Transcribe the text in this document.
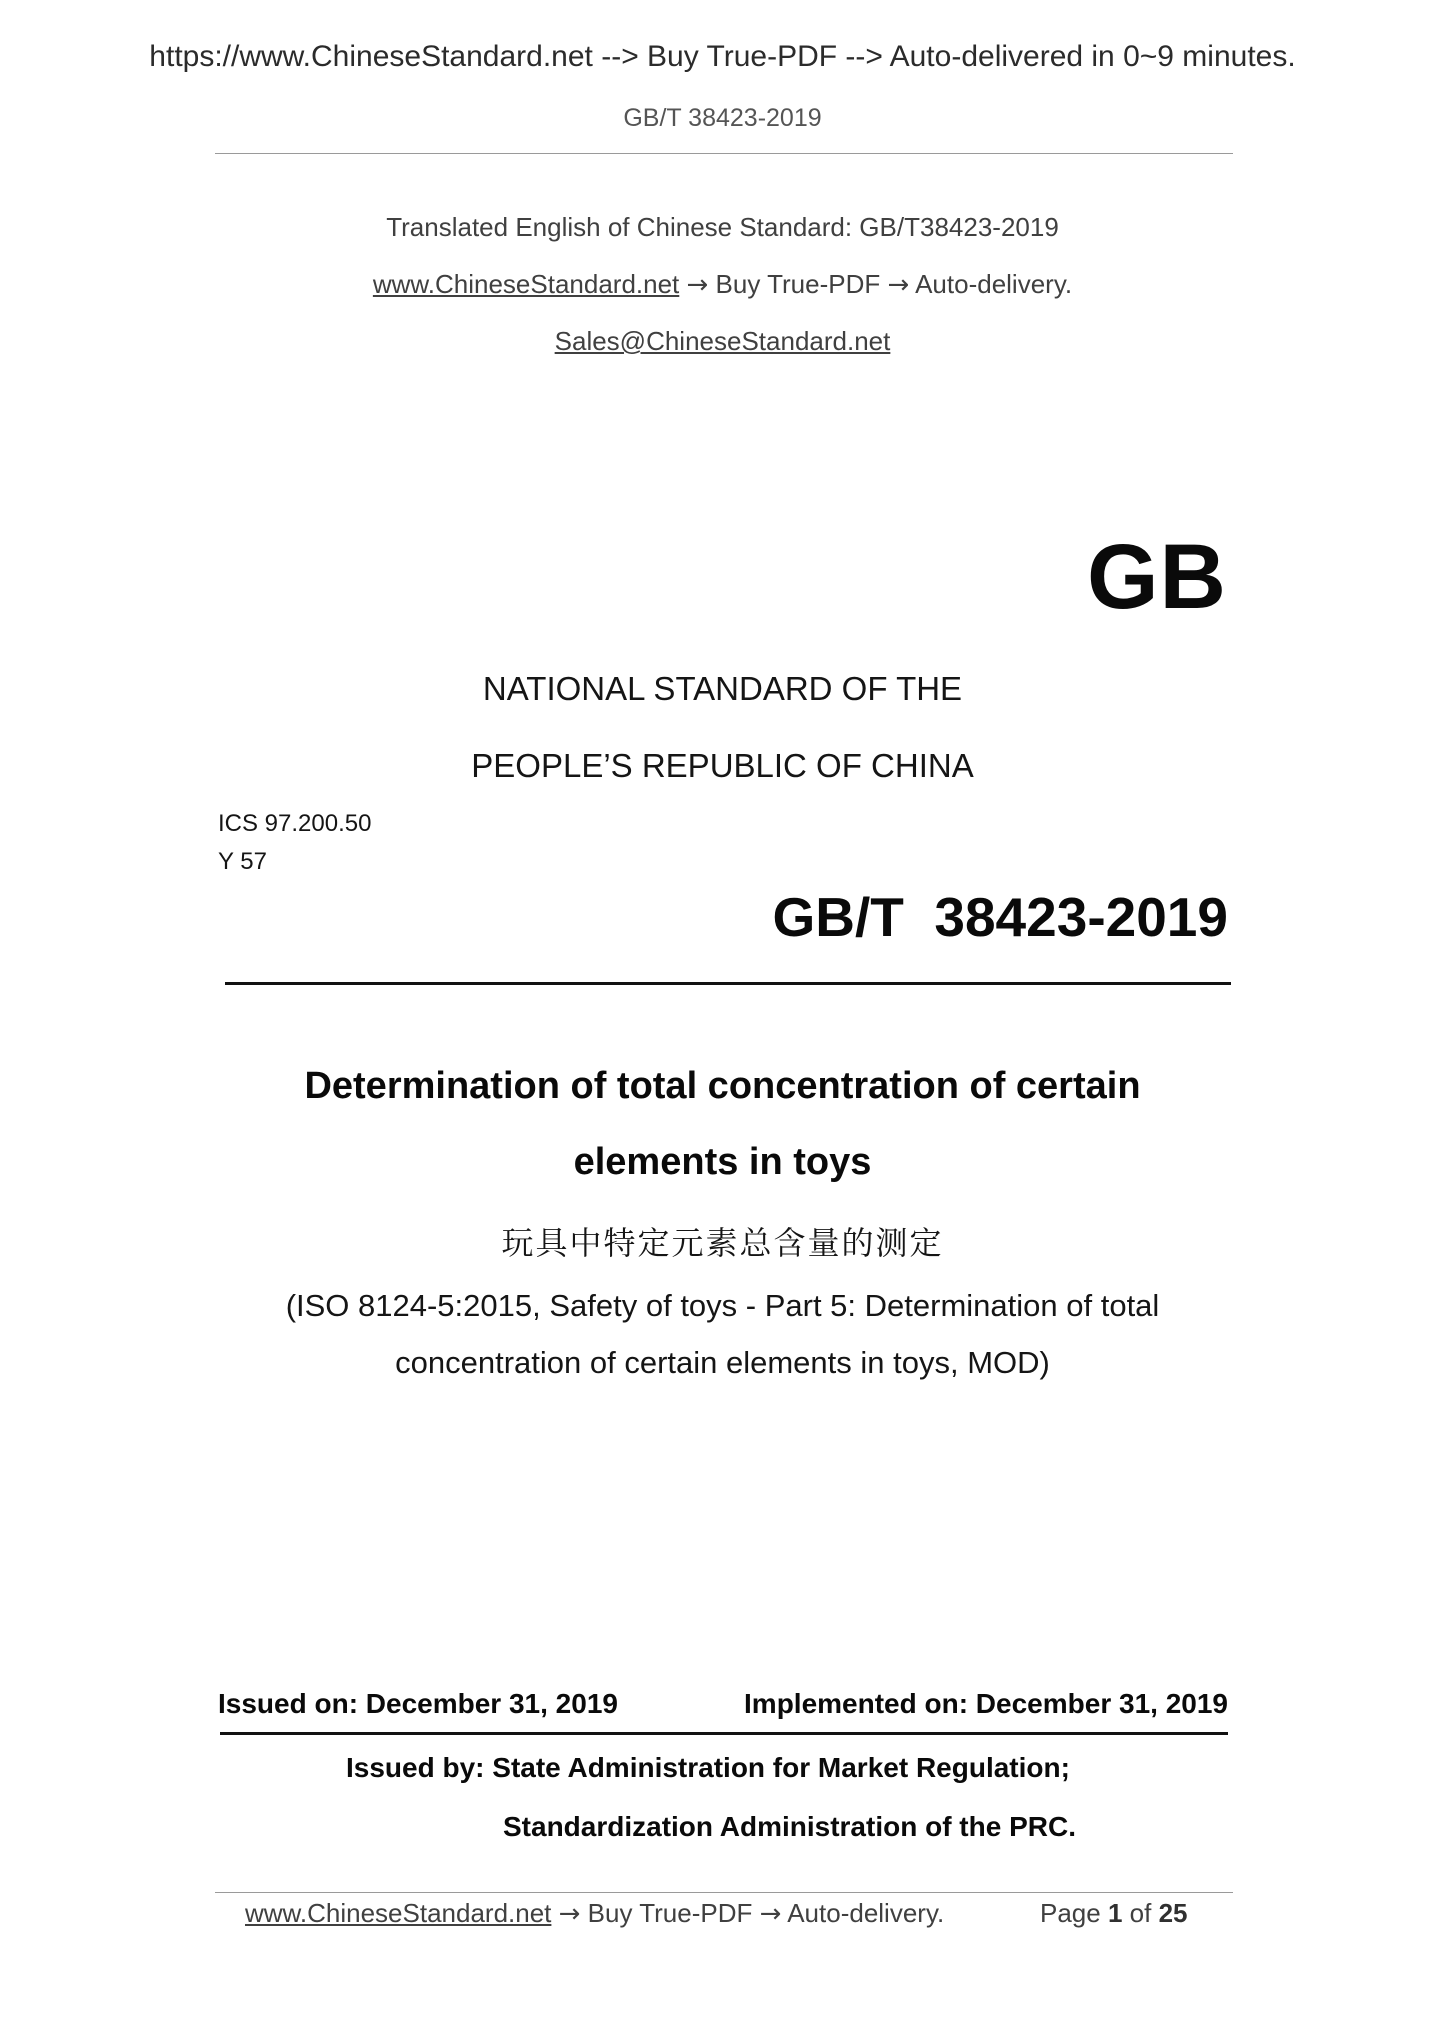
https://www.ChineseStandard.net --> Buy True-PDF --> Auto-delivered in 0~9 minutes.
GB/T 38423-2019
Translated English of Chinese Standard: GB/T38423-2019
www.ChineseStandard.net → Buy True-PDF → Auto-delivery.
Sales@ChineseStandard.net
GB
NATIONAL STANDARD OF THE
PEOPLE’S REPUBLIC OF CHINA
ICS 97.200.50
Y 57
GB/T  38423-2019
Determination of total concentration of certain
elements in toys
玩具中特定元素总含量的测定
(ISO 8124-5:2015, Safety of toys - Part 5: Determination of total
concentration of certain elements in toys, MOD)
Issued on: December 31, 2019	Implemented on: December 31, 2019
Issued by: State Administration for Market Regulation;
Standardization Administration of the PRC.
www.ChineseStandard.net → Buy True-PDF → Auto-delivery.	Page 1 of 25
